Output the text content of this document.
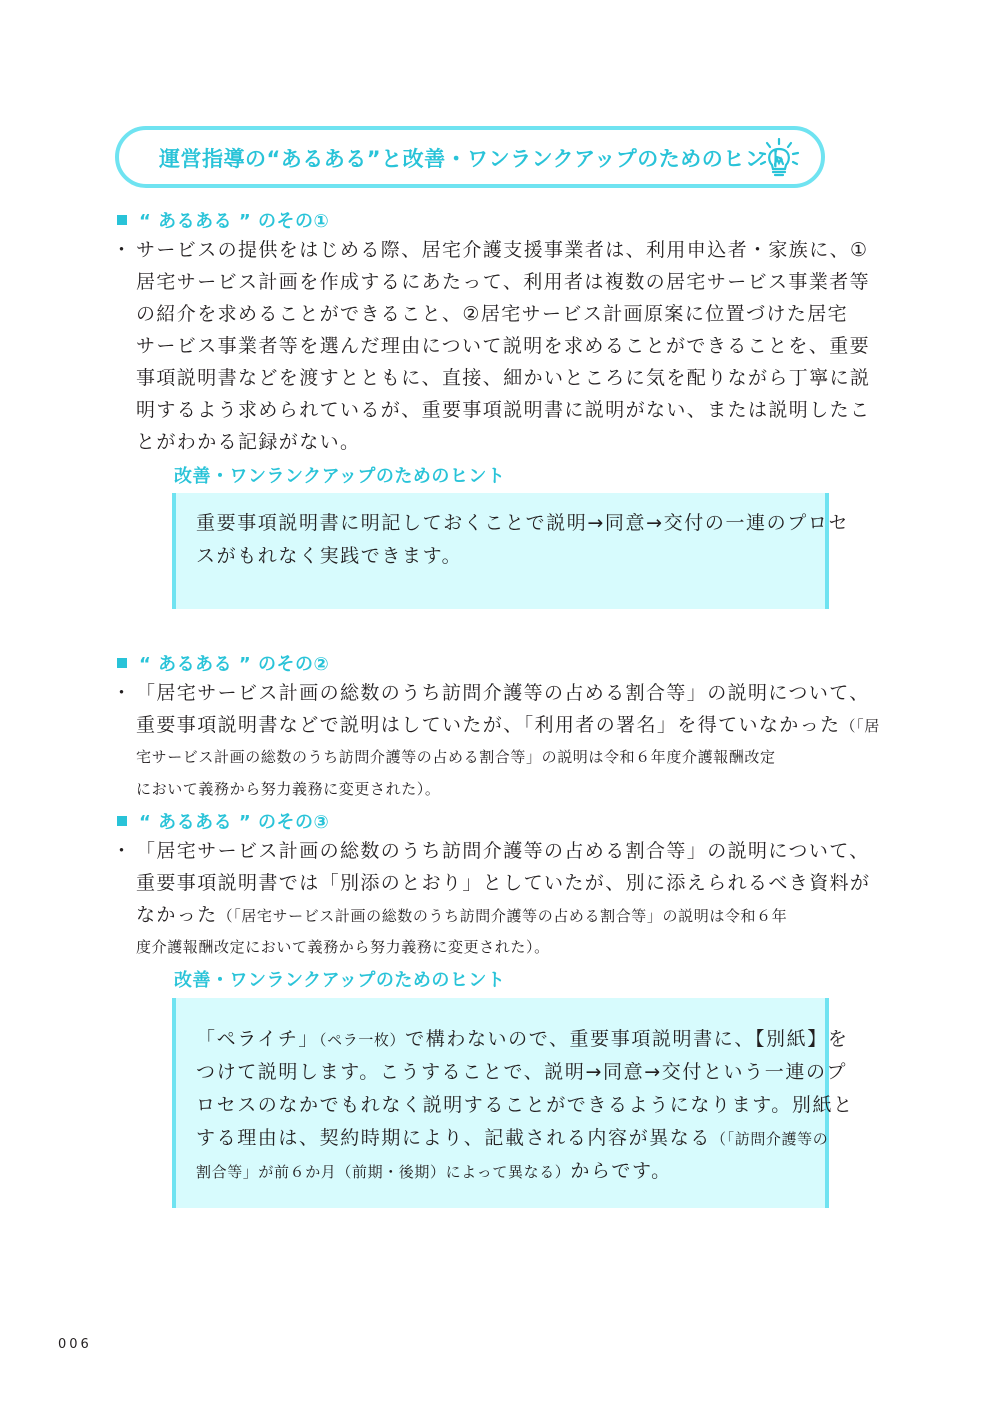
運営指導の“あるある”と改善・ワンランクアップのためのヒント
“ あるある ” のその①
・ サービスの提供をはじめる際、居宅介護支援事業者は、利用申込者・家族に、①
居宅サービス計画を作成するにあたって、利用者は複数の居宅サービス事業者等
の紹介を求めることができること、②居宅サービス計画原案に位置づけた居宅
サービス事業者等を選んだ理由について説明を求めることができることを、重要
事項説明書などを渡すとともに、直接、細かいところに気を配りながら丁寧に説
明するよう求められているが、重要事項説明書に説明がない、または説明したこ
とがわかる記録がない。
改善・ワンランクアップのためのヒント
重要事項説明書に明記しておくことで説明→同意→交付の一連のプロセ
スがもれなく実践できます。
“ あるある ” のその②
・ 「居宅サービス計画の総数のうち訪問介護等の占める割合等」の説明について、
重要事項説明書などで説明はしていたが、「利用者の署名」を得ていなかった（「居
宅サービス計画の総数のうち訪問介護等の占める割合等」の説明は令和６年度介護報酬改定
において義務から努力義務に変更された）。
“ あるある ” のその③
・ 「居宅サービス計画の総数のうち訪問介護等の占める割合等」の説明について、
重要事項説明書では「別添のとおり」としていたが、別に添えられるべき資料が
なかった（「居宅サービス計画の総数のうち訪問介護等の占める割合等」の説明は令和６年
度介護報酬改定において義務から努力義務に変更された）。
改善・ワンランクアップのためのヒント
「ペライチ」（ペラ一枚）で構わないので、重要事項説明書に、【別紙】を
つけて説明します。こうすることで、説明→同意→交付という一連のプ
ロセスのなかでもれなく説明することができるようになります。別紙と
する理由は、契約時期により、記載される内容が異なる（「訪問介護等の
割合等」が前６か月（前期・後期）によって異なる）からです。
006
